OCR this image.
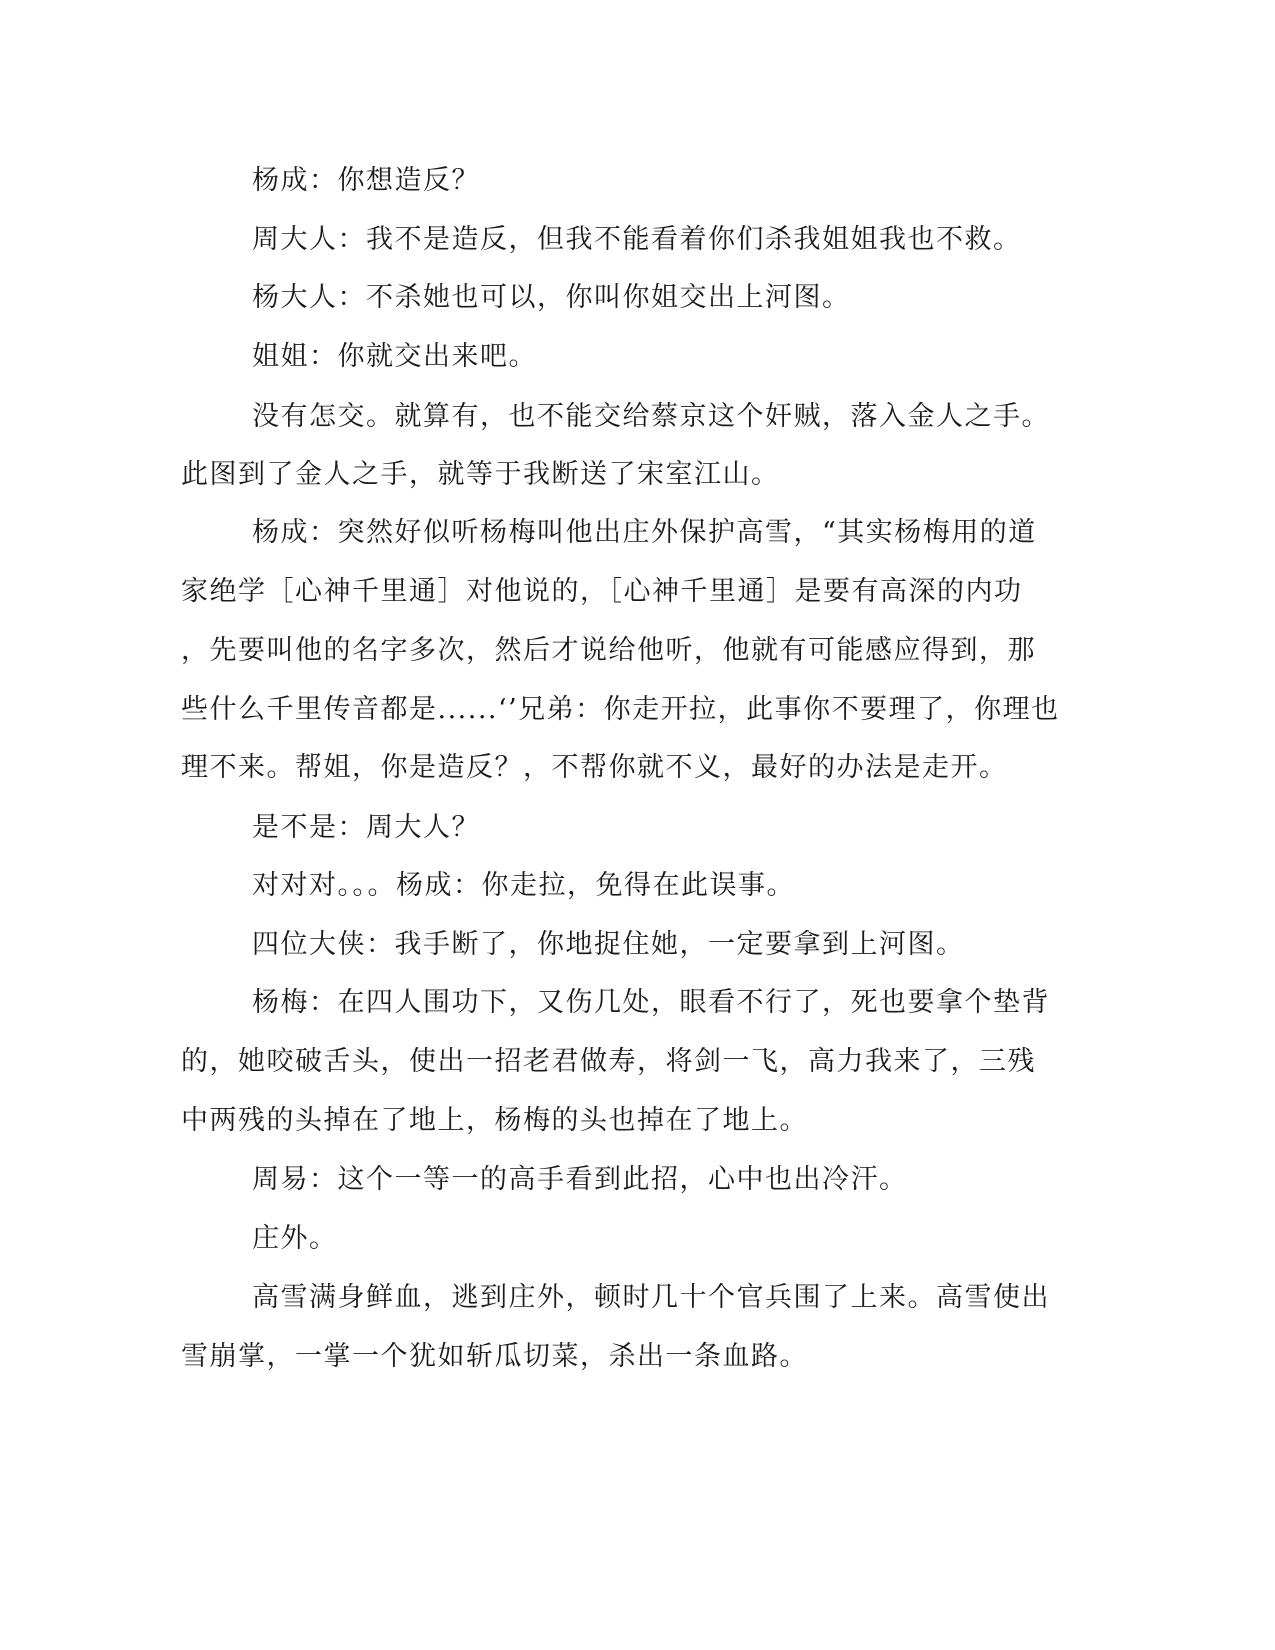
杨成：你想造反？
周大人：我不是造反，但我不能看着你们杀我姐姐我也不救。
杨大人：不杀她也可以，你叫你姐交出上河图。
姐姐：你就交出来吧。
没有怎交。就算有，也不能交给蔡京这个奸贼，落入金人之手。
此图到了金人之手，就等于我断送了宋室江山。
杨成：突然好似听杨梅叫他出庄外保护高雪，“其实杨梅用的道
家绝学［心神千里通］对他说的，［心神千里通］是要有高深的内功
，先要叫他的名字多次，然后才说给他听，他就有可能感应得到，那
些什么千里传音都是......‘’兄弟：你走开拉，此事你不要理了，你理也
理不来。帮姐，你是造反？，不帮你就不义，最好的办法是走开。
是不是：周大人？
对对对。。。杨成：你走拉，免得在此误事。
四位大侠：我手断了，你地捉住她，一定要拿到上河图。
杨梅：在四人围功下，又伤几处，眼看不行了，死也要拿个垫背
的，她咬破舌头，使出一招老君做寿，将剑一飞，高力我来了，三残
中两残的头掉在了地上，杨梅的头也掉在了地上。
周易：这个一等一的高手看到此招，心中也出冷汗。
庄外。
高雪满身鲜血，逃到庄外，顿时几十个官兵围了上来。高雪使出
雪崩掌，一掌一个犹如斩瓜切菜，杀出一条血路。
